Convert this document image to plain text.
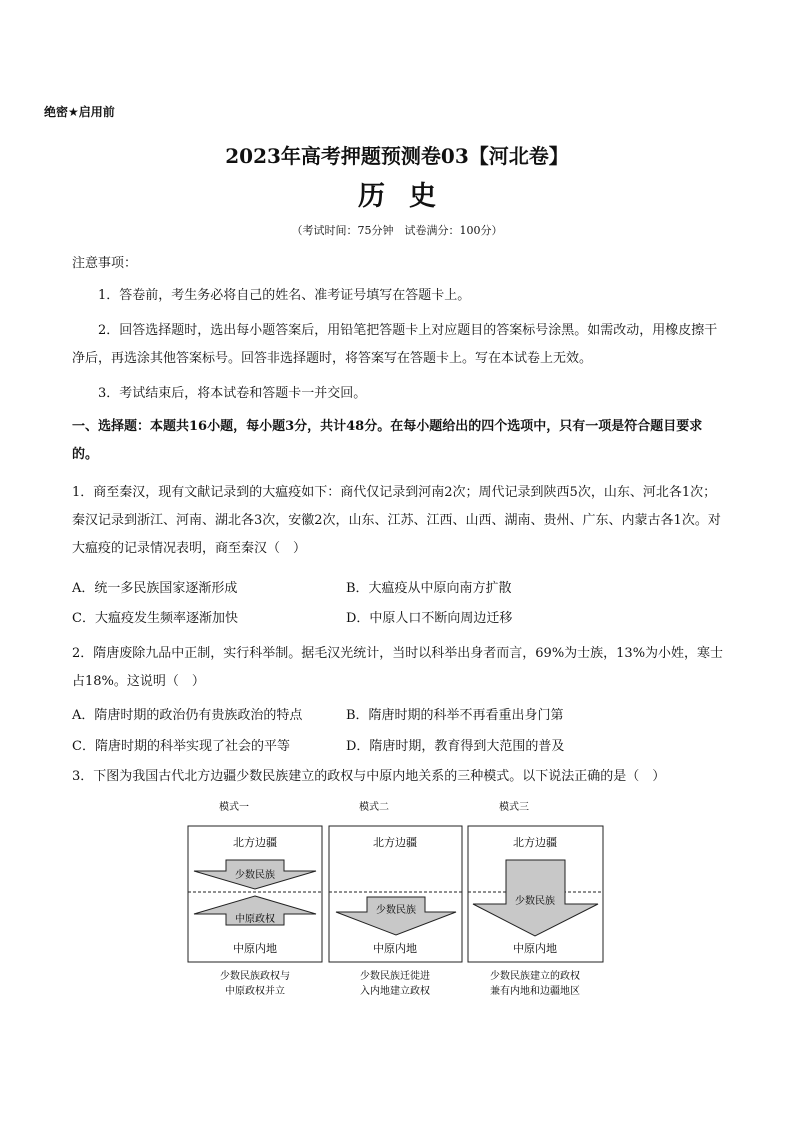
绝密★启用前
2023年高考押题预测卷03【河北卷】
历史
（考试时间：75分钟　试卷满分：100分）
注意事项：
1．答卷前，考生务必将自己的姓名、准考证号填写在答题卡上。
2．回答选择题时，选出每小题答案后，用铅笔把答题卡上对应题目的答案标号涂黑。如需改动，用橡皮擦干净后，再选涂其他答案标号。回答非选择题时，将答案写在答题卡上。写在本试卷上无效。
3．考试结束后，将本试卷和答题卡一并交回。
一、选择题：本题共16小题，每小题3分，共计48分。在每小题给出的四个选项中，只有一项是符合题目要求的。
1．商至秦汉，现有文献记录到的大瘟疫如下：商代仅记录到河南2次；周代记录到陕西5次，山东、河北各1次；秦汉记录到浙江、河南、湖北各3次，安徽2次，山东、江苏、江西、山西、湖南、贵州、广东、内蒙古各1次。对大瘟疫的记录情况表明，商至秦汉（　）
A．统一多民族国家逐渐形成	B．大瘟疫从中原向南方扩散
C．大瘟疫发生频率逐渐加快	D．中原人口不断向周边迁移
2．隋唐废除九品中正制，实行科举制。据毛汉光统计，当时以科举出身者而言，69%为士族，13%为小姓，寒士占18%。这说明（　）
A．隋唐时期的政治仍有贵族政治的特点	B．隋唐时期的科举不再看重出身门第
C．隋唐时期的科举实现了社会的平等	D．隋唐时期，教育得到大范围的普及
3．下图为我国古代北方边疆少数民族建立的政权与中原内地关系的三种模式。以下说法正确的是（　）
模式一
北方边疆
少数民族
中原政权
中原内地
少数民族政权与
中原政权并立
模式二
北方边疆
少数民族
中原内地
少数民族迁徙进
入内地建立政权
模式三
北方边疆
少数民族
中原内地
少数民族建立的政权
兼有内地和边疆地区
